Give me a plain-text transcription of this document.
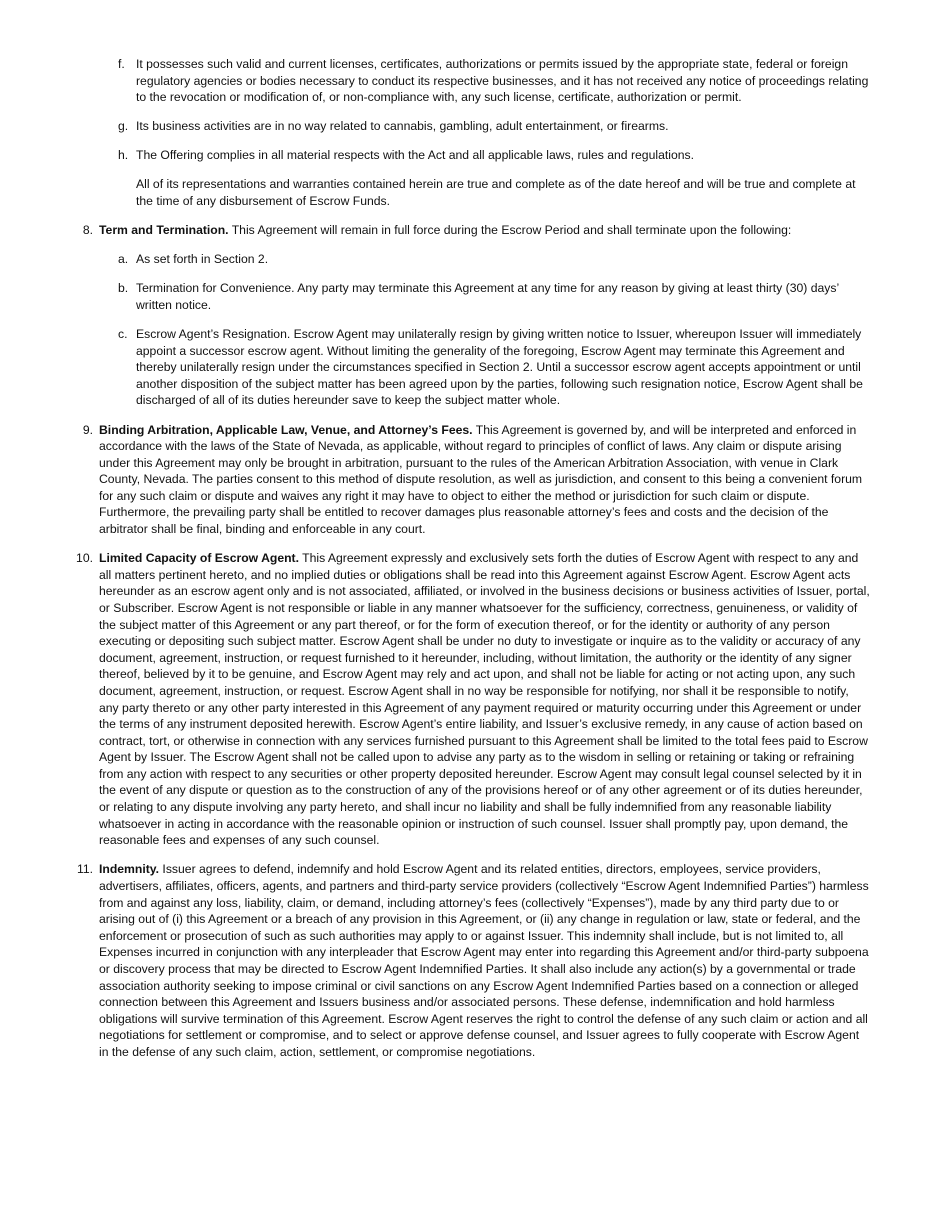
f. It possesses such valid and current licenses, certificates, authorizations or permits issued by the appropriate state, federal or foreign regulatory agencies or bodies necessary to conduct its respective businesses, and it has not received any notice of proceedings relating to the revocation or modification of, or non-compliance with, any such license, certificate, authorization or permit.

g. Its business activities are in no way related to cannabis, gambling, adult entertainment, or firearms.

h. The Offering complies in all material respects with the Act and all applicable laws, rules and regulations.

All of its representations and warranties contained herein are true and complete as of the date hereof and will be true and complete at the time of any disbursement of Escrow Funds.

8. Term and Termination. This Agreement will remain in full force during the Escrow Period and shall terminate upon the following:

a. As set forth in Section 2.

b. Termination for Convenience. Any party may terminate this Agreement at any time for any reason by giving at least thirty (30) days’ written notice.

c. Escrow Agent’s Resignation. Escrow Agent may unilaterally resign by giving written notice to Issuer, whereupon Issuer will immediately appoint a successor escrow agent. Without limiting the generality of the foregoing, Escrow Agent may terminate this Agreement and thereby unilaterally resign under the circumstances specified in Section 2. Until a successor escrow agent accepts appointment or until another disposition of the subject matter has been agreed upon by the parties, following such resignation notice, Escrow Agent shall be discharged of all of its duties hereunder save to keep the subject matter whole.

9. Binding Arbitration, Applicable Law, Venue, and Attorney’s Fees. This Agreement is governed by, and will be interpreted and enforced in accordance with the laws of the State of Nevada, as applicable, without regard to principles of conflict of laws. Any claim or dispute arising under this Agreement may only be brought in arbitration, pursuant to the rules of the American Arbitration Association, with venue in Clark County, Nevada. The parties consent to this method of dispute resolution, as well as jurisdiction, and consent to this being a convenient forum for any such claim or dispute and waives any right it may have to object to either the method or jurisdiction for such claim or dispute. Furthermore, the prevailing party shall be entitled to recover damages plus reasonable attorney’s fees and costs and the decision of the arbitrator shall be final, binding and enforceable in any court.

10. Limited Capacity of Escrow Agent. This Agreement expressly and exclusively sets forth the duties of Escrow Agent with respect to any and all matters pertinent hereto, and no implied duties or obligations shall be read into this Agreement against Escrow Agent. Escrow Agent acts hereunder as an escrow agent only and is not associated, affiliated, or involved in the business decisions or business activities of Issuer, portal, or Subscriber. Escrow Agent is not responsible or liable in any manner whatsoever for the sufficiency, correctness, genuineness, or validity of the subject matter of this Agreement or any part thereof, or for the form of execution thereof, or for the identity or authority of any person executing or depositing such subject matter. Escrow Agent shall be under no duty to investigate or inquire as to the validity or accuracy of any document, agreement, instruction, or request furnished to it hereunder, including, without limitation, the authority or the identity of any signer thereof, believed by it to be genuine, and Escrow Agent may rely and act upon, and shall not be liable for acting or not acting upon, any such document, agreement, instruction, or request. Escrow Agent shall in no way be responsible for notifying, nor shall it be responsible to notify, any party thereto or any other party interested in this Agreement of any payment required or maturity occurring under this Agreement or under the terms of any instrument deposited herewith. Escrow Agent’s entire liability, and Issuer’s exclusive remedy, in any cause of action based on contract, tort, or otherwise in connection with any services furnished pursuant to this Agreement shall be limited to the total fees paid to Escrow Agent by Issuer. The Escrow Agent shall not be called upon to advise any party as to the wisdom in selling or retaining or taking or refraining from any action with respect to any securities or other property deposited hereunder. Escrow Agent may consult legal counsel selected by it in the event of any dispute or question as to the construction of any of the provisions hereof or of any other agreement or of its duties hereunder, or relating to any dispute involving any party hereto, and shall incur no liability and shall be fully indemnified from any reasonable liability whatsoever in acting in accordance with the reasonable opinion or instruction of such counsel. Issuer shall promptly pay, upon demand, the reasonable fees and expenses of any such counsel.

11. Indemnity. Issuer agrees to defend, indemnify and hold Escrow Agent and its related entities, directors, employees, service providers, advertisers, affiliates, officers, agents, and partners and third-party service providers (collectively “Escrow Agent Indemnified Parties”) harmless from and against any loss, liability, claim, or demand, including attorney’s fees (collectively “Expenses”), made by any third party due to or arising out of (i) this Agreement or a breach of any provision in this Agreement, or (ii) any change in regulation or law, state or federal, and the enforcement or prosecution of such as such authorities may apply to or against Issuer. This indemnity shall include, but is not limited to, all Expenses incurred in conjunction with any interpleader that Escrow Agent may enter into regarding this Agreement and/or third-party subpoena or discovery process that may be directed to Escrow Agent Indemnified Parties. It shall also include any action(s) by a governmental or trade association authority seeking to impose criminal or civil sanctions on any Escrow Agent Indemnified Parties based on a connection or alleged connection between this Agreement and Issuers business and/or associated persons. These defense, indemnification and hold harmless obligations will survive termination of this Agreement. Escrow Agent reserves the right to control the defense of any such claim or action and all negotiations for settlement or compromise, and to select or approve defense counsel, and Issuer agrees to fully cooperate with Escrow Agent in the defense of any such claim, action, settlement, or compromise negotiations.
